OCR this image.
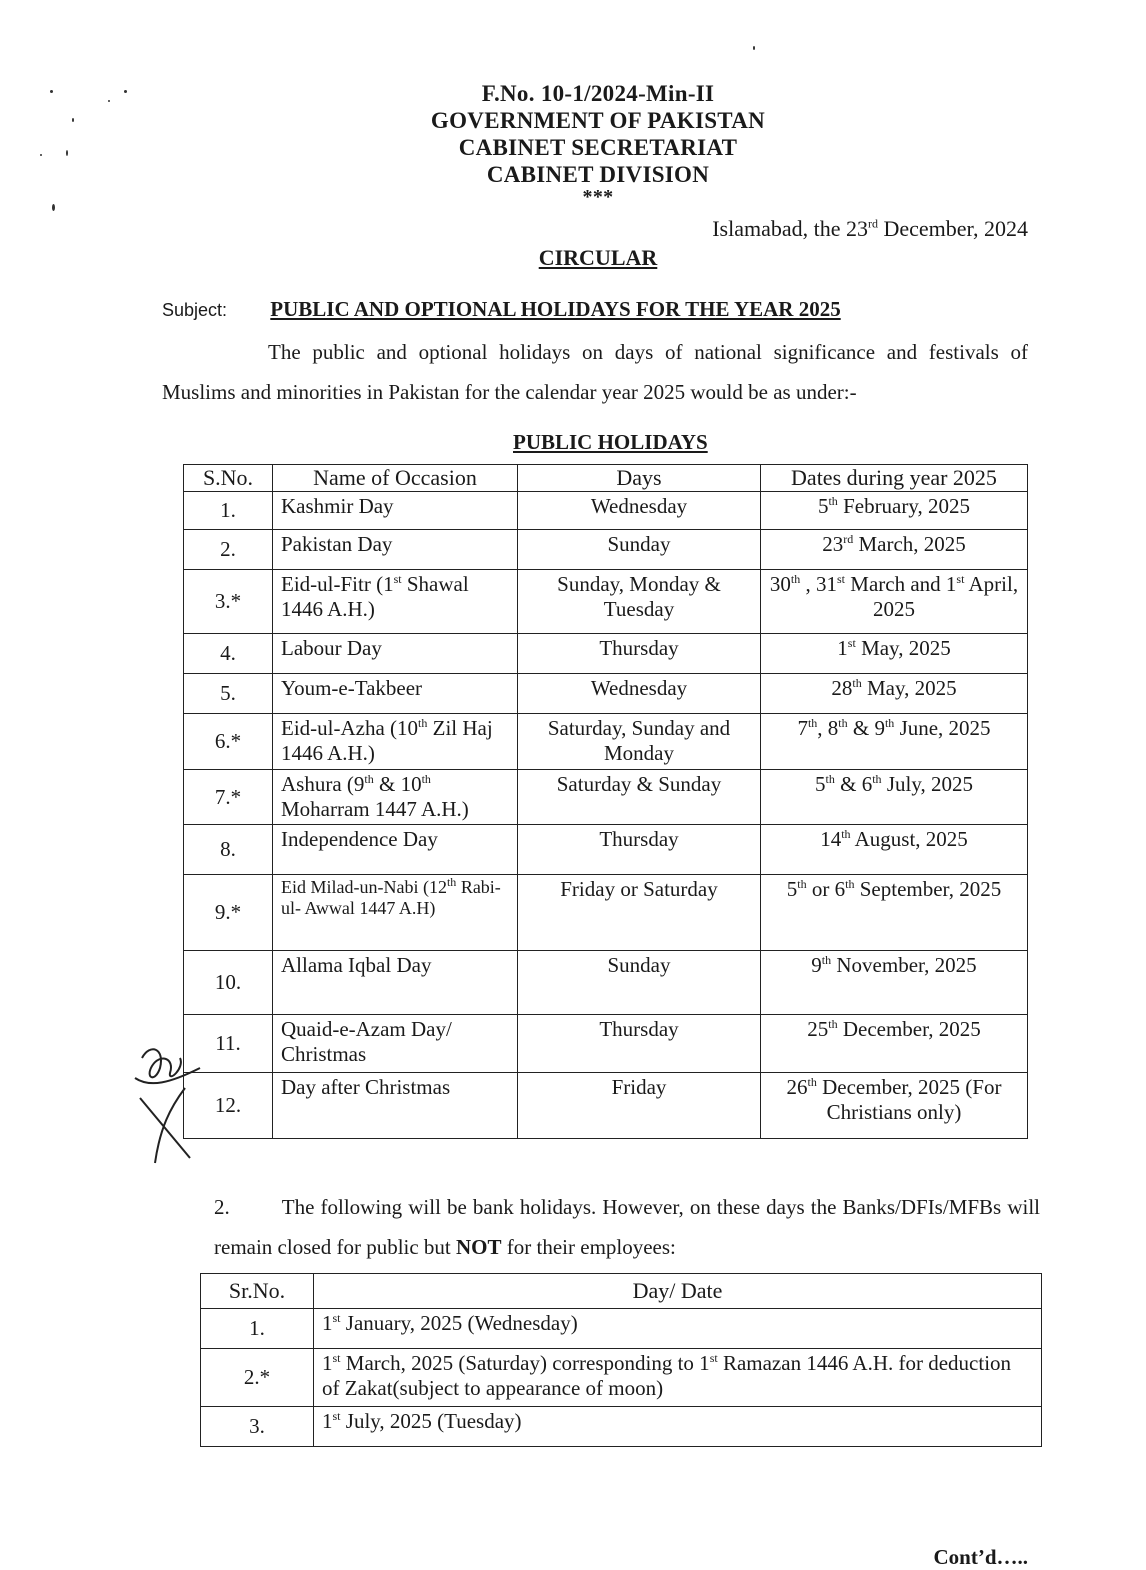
F.No. 10-1/2024-Min-II
GOVERNMENT OF PAKISTAN
CABINET SECRETARIAT
CABINET DIVISION
***
Islamabad, the 23rd December, 2024
CIRCULAR
Subject: PUBLIC AND OPTIONAL HOLIDAYS FOR THE YEAR 2025
The public and optional holidays on days of national significance and festivals of Muslims and minorities in Pakistan for the calendar year 2025 would be as under:-
PUBLIC HOLIDAYS
S.No.	Name of Occasion	Days	Dates during year 2025
1.	Kashmir Day	Wednesday	5th February, 2025
2.	Pakistan Day	Sunday	23rd March, 2025
3.*	Eid-ul-Fitr (1st Shawal 1446 A.H.)	Sunday, Monday & Tuesday	30th , 31st March and 1st April, 2025
4.	Labour Day	Thursday	1st May, 2025
5.	Youm-e-Takbeer	Wednesday	28th May, 2025
6.*	Eid-ul-Azha (10th Zil Haj 1446 A.H.)	Saturday, Sunday and Monday	7th, 8th & 9th June, 2025
7.*	Ashura (9th & 10th Moharram 1447 A.H.)	Saturday & Sunday	5th & 6th July, 2025
8.	Independence Day	Thursday	14th August, 2025
9.*	Eid Milad-un-Nabi (12th Rabi-ul- Awwal 1447 A.H)	Friday or Saturday	5th or 6th September, 2025
10.	Allama Iqbal Day	Sunday	9th November, 2025
11.	Quaid-e-Azam Day/ Christmas	Thursday	25th December, 2025
12.	Day after Christmas	Friday	26th December, 2025 (For Christians only)
2. The following will be bank holidays. However, on these days the Banks/DFIs/MFBs will remain closed for public but NOT for their employees:
Sr.No.	Day/ Date
1.	1st January, 2025 (Wednesday)
2.*	1st March, 2025 (Saturday) corresponding to 1st Ramazan 1446 A.H. for deduction of Zakat(subject to appearance of moon)
3.	1st July, 2025 (Tuesday)
Cont’d…..
